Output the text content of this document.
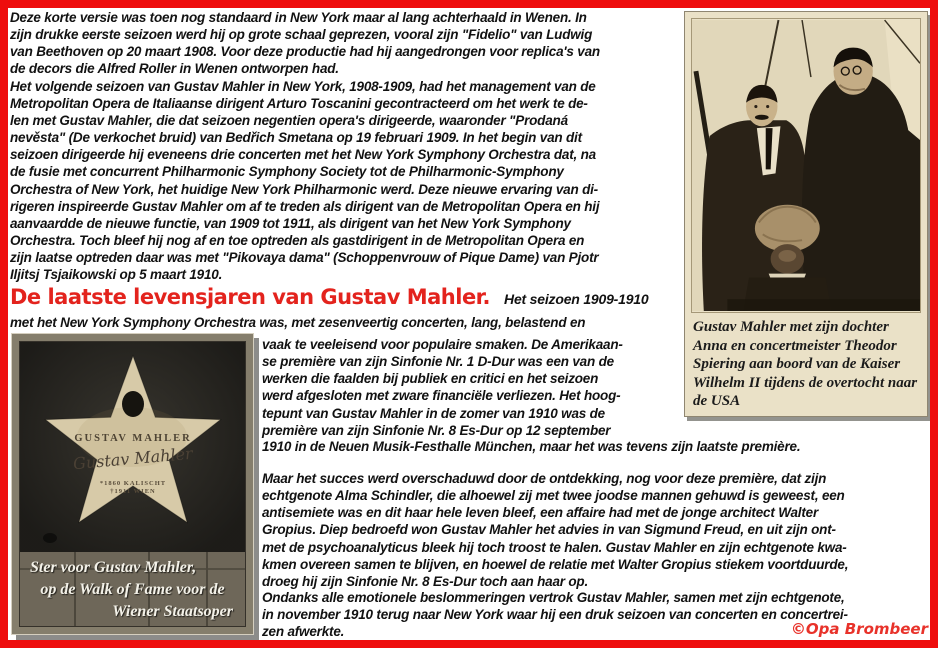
Deze korte versie was toen nog standaard in New York maar al lang achterhaald in Wenen. In
zijn drukke eerste seizoen werd hij op grote schaal geprezen, vooral zijn "Fidelio" van Ludwig
van Beethoven op 20 maart 1908. Voor deze productie had hij aangedrongen voor replica's van
de decors die Alfred Roller in Wenen ontworpen had.
Het volgende seizoen van Gustav Mahler in New York, 1908-1909, had het management van de
Metropolitan Opera de Italiaanse dirigent Arturo Toscanini gecontracteerd om het werk te de-
len met Gustav Mahler, die dat seizoen negentien opera's dirigeerde, waaronder "Prodaná
nevěsta" (De verkochet bruid) van Bedřich Smetana op 19 februari 1909. In het begin van dit
seizoen dirigeerde hij eveneens drie concerten met het New York Symphony Orchestra dat, na
de fusie met concurrent Philharmonic Symphony Society tot de Philharmonic-Symphony
Orchestra of New York, het huidige New York Philharmonic werd. Deze nieuwe ervaring van di-
rigeren inspireerde Gustav Mahler om af te treden als dirigent van de Metropolitan Opera en hij
aanvaardde de nieuwe functie, van 1909 tot 1911, als dirigent van het New York Symphony
Orchestra. Toch bleef hij nog af en toe optreden als gastdirigent in de Metropolitan Opera en
zijn laatse optreden daar was met "Pikovaya dama" (Schoppenvrouw of Pique Dame) van Pjotr
Iljitsj Tsjaikowski op 5 maart 1910.
De laatste levensjaren van Gustav Mahler. Het seizoen 1909-1910
met het New York Symphony Orchestra was, met zesenveertig concerten, lang, belastend en
vaak te veeleisend voor populaire smaken. De Amerikaan-
se première van zijn Sinfonie Nr. 1 D-Dur was een van de
werken die faalden bij publiek en critici en het seizoen
werd afgesloten met zware financiële verliezen. Het hoog-
tepunt van Gustav Mahler in de zomer van 1910 was de
première van zijn Sinfonie Nr. 8 Es-Dur op 12 september
1910 in de Neuen Musik-Festhalle München, maar het was tevens zijn laatste première.
Maar het succes werd overschaduwd door de ontdekking, nog voor deze première, dat zijn
echtgenote Alma Schindler, die alhoewel zij met twee joodse mannen gehuwd is geweest, een
antisemiete was en dit haar hele leven bleef, een affaire had met de jonge architect Walter
Gropius. Diep bedroefd won Gustav Mahler het advies in van Sigmund Freud, en uit zijn ont-
met de psychoanalyticus bleek hij toch troost te halen. Gustav Mahler en zijn echtgenote kwa-
kmen overeen samen te blijven, en hoewel de relatie met Walter Gropius stiekem voortduurde,
droeg hij zijn Sinfonie Nr. 8 Es-Dur toch aan haar op.
Ondanks alle emotionele beslommeringen vertrok Gustav Mahler, samen met zijn echtgenote,
in november 1910 terug naar New York waar hij een druk seizoen van concerten en concertrei-
zen afwerkte.	©Opa Brombeer
GUSTAV MAHLER
Gustav Mahler
*1860 KALISCHT
†1911 WIEN
Ster voor Gustav Mahler,
op de Walk of Fame voor de
Wiener Staatsoper
Gustav Mahler met zijn dochter Anna en concertmeister Theodor Spiering aan boord van de Kaiser Wilhelm II tijdens de overtocht naar de USA
